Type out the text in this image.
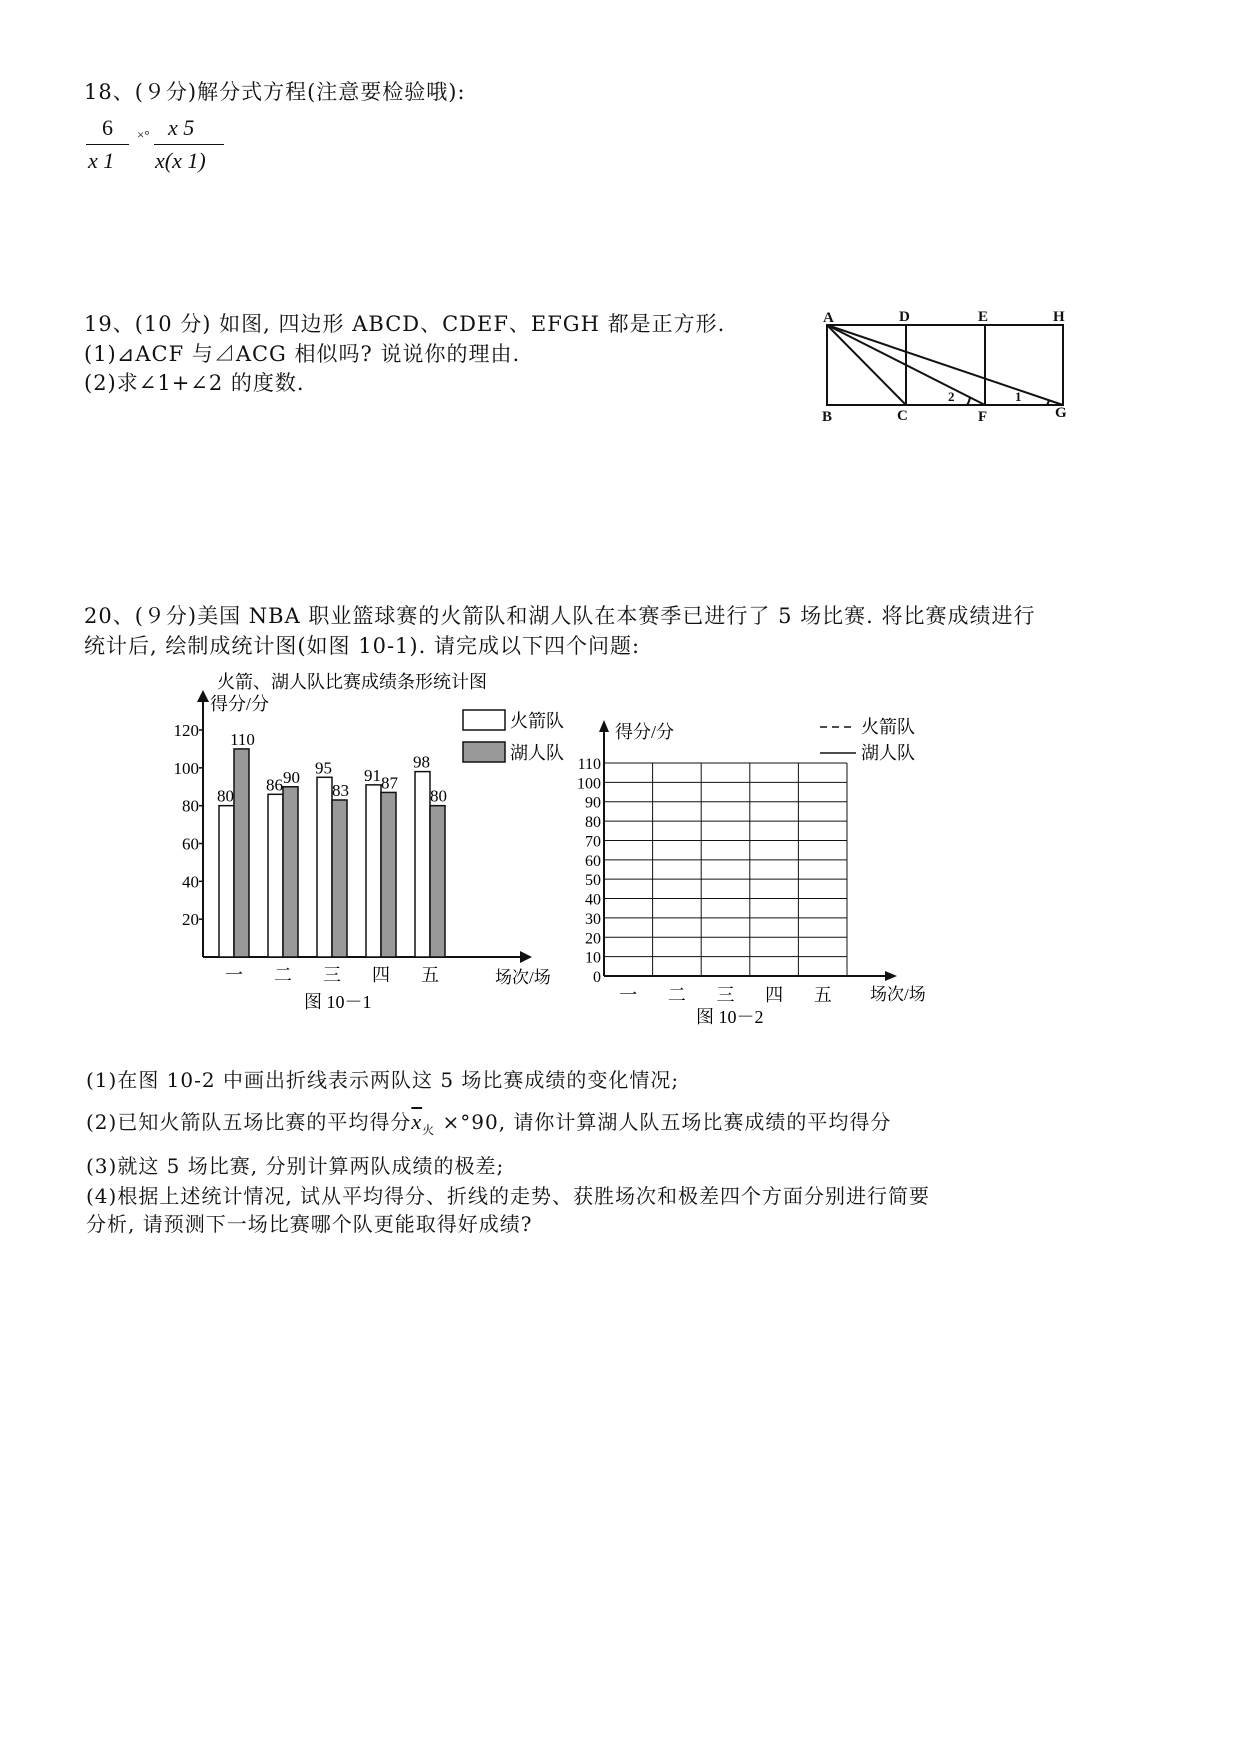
18、(９分)解分式方程(注意要检验哦):
6
x 1
×° x 5
x(x 1)
19、(10 分) 如图, 四边形 ABCD、CDEF、EFGH 都是正方形.
(1)⊿ACF 与⊿ACG 相似吗? 说说你的理由.
(2)求∠1+∠2 的度数.
A	D	E	H
B	C	F	G
2	1
20、(９分)美国 NBA 职业篮球赛的火箭队和湖人队在本赛季已进行了 5 场比赛. 将比赛成绩进行
统计后, 绘制成统计图(如图 10-1). 请完成以下四个问题:
火箭、湖人队比赛成绩条形统计图
得分/分
场次/场
图 10－1
20
40
60
80
100
120
一 二 三 四 五
80
110
86 90 95
83
91 87
98
80
火箭队
湖人队
得分/分
场次/场
图 10－2
0
10
20
30
40
50
60
70
80
90
100
110
一 二 三 四 五
火箭队
湖人队
(1)在图 10-2 中画出折线表示两队这 5 场比赛成绩的变化情况;
(2)已知火箭队五场比赛的平均得分$\overline{x}_火 \times^\circ 90$, 请你计算湖人队五场比赛成绩的平均得分
(3)就这 5 场比赛, 分别计算两队成绩的极差;
(4)根据上述统计情况, 试从平均得分、折线的走势、获胜场次和极差四个方面分别进行简要
分析, 请预测下一场比赛哪个队更能取得好成绩?
